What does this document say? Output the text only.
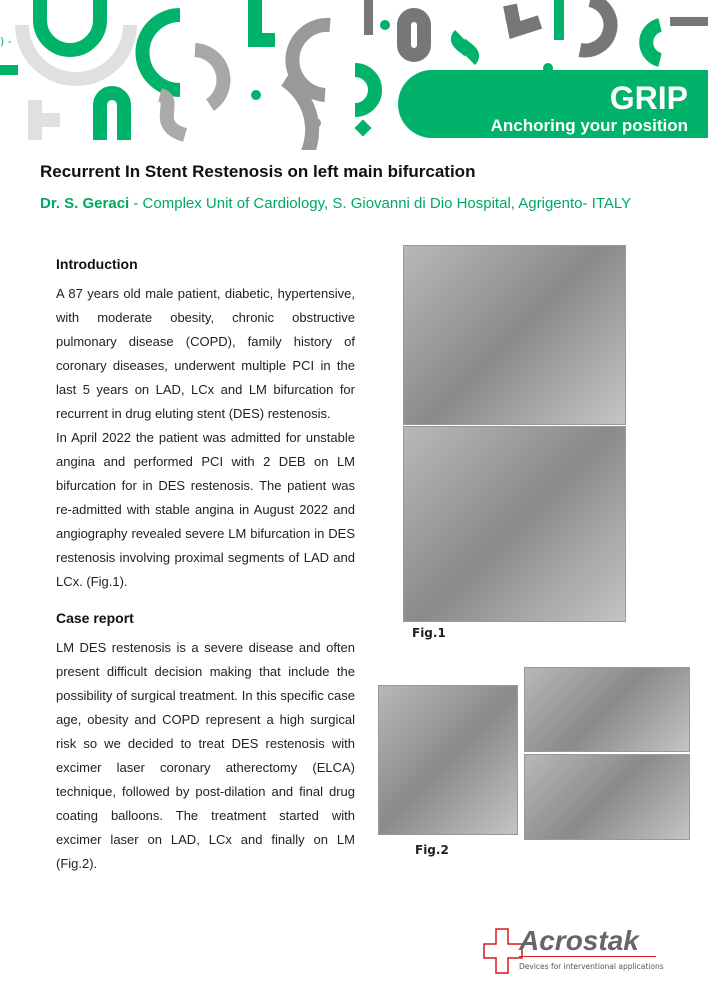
) -
GRIP
Anchoring your position
Recurrent In Stent Restenosis on left main bifurcation
Dr. S. Geraci - Complex Unit of Cardiology, S. Giovanni di Dio Hospital, Agrigento- ITALY
Introduction

A 87 years old male patient, diabetic, hypertensive, with moderate obesity, chronic obstructive pulmonary disease (COPD), family history of coronary diseases, underwent multiple PCI in the last 5 years on LAD, LCx and LM bifurcation for recurrent in drug eluting stent (DES) restenosis.

In April 2022 the patient was admitted for unstable angina and performed PCI with 2 DEB on LM bifurcation for in DES restenosis. The patient was re-admitted with stable angina in August 2022 and angiography revealed severe LM bifurcation in DES restenosis involving proximal segments of LAD and LCx. (Fig.1).

Case report

LM DES restenosis is a severe disease and often present difficult decision making that include the possibility of surgical treatment. In this specific case age, obesity and COPD represent a high surgical risk so we decided to treat DES restenosis with excimer laser coronary atherectomy (ELCA) technique, followed by post-dilation and final drug coating balloons. The treatment started with excimer laser on LAD, LCx and finally on LM (Fig.2).

Fig.1
Fig.2
Acrostak
Devices for interventional applications
